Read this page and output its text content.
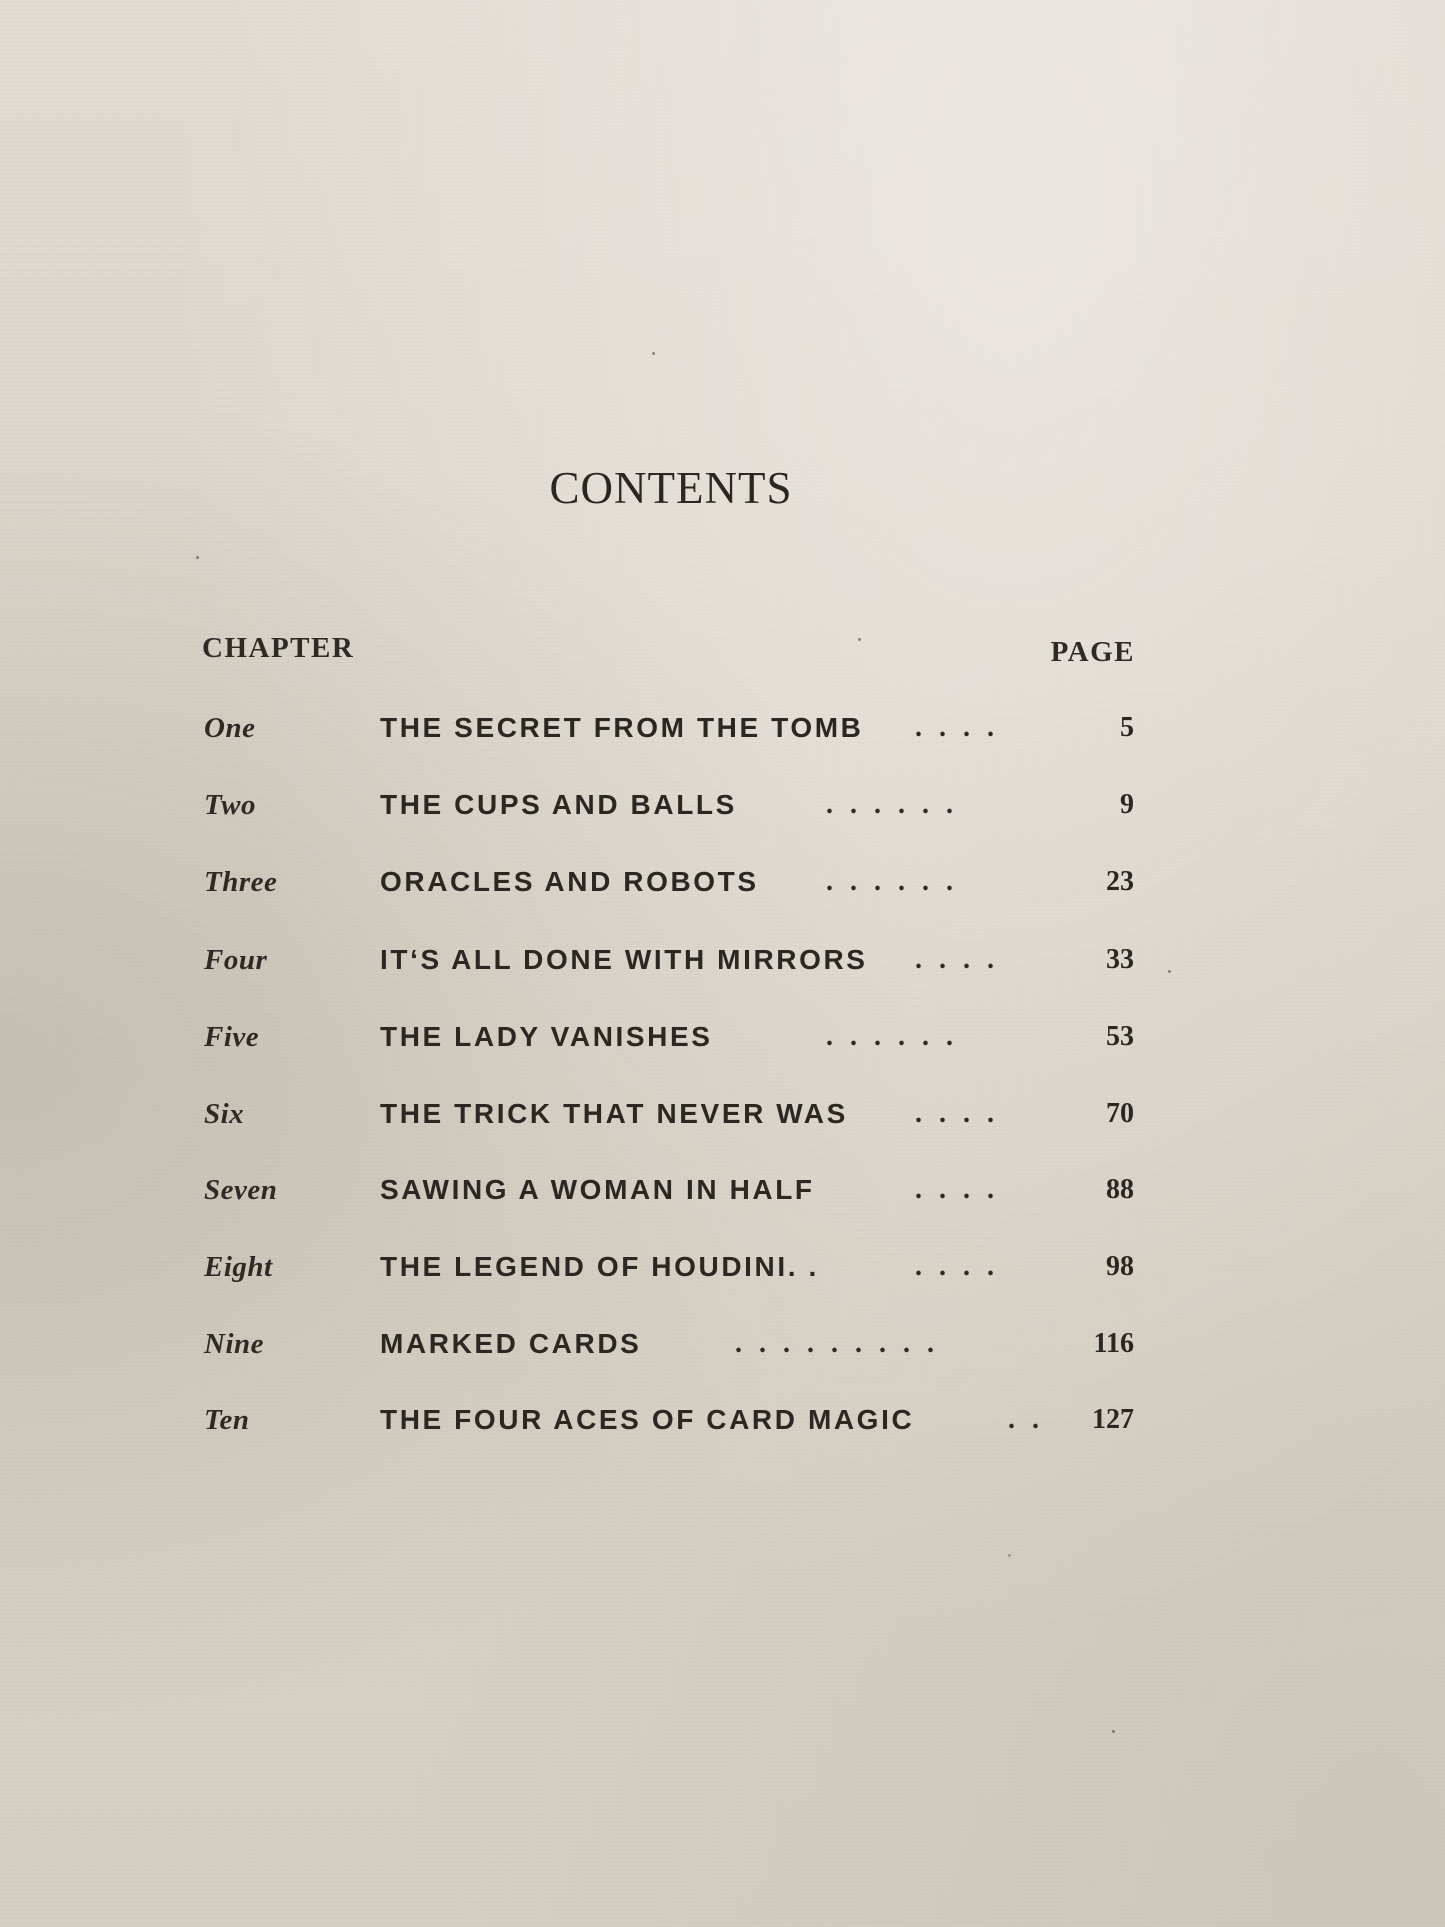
CONTENTS
CHAPTER	PAGE
One	THE SECRET FROM THE TOMB . . . .	5
Two	THE CUPS AND BALLS	. . . . . .	9
Three	ORACLES AND ROBOTS . . . . . .	23
Four	IT‘S ALL DONE WITH MIRRORS . . . .	33
Five	THE LADY VANISHES	. . . . . .	53
Six	THE TRICK THAT NEVER WAS . . . .	70
Seven	SAWING A WOMAN IN HALF	. . . .	88
Eight	THE LEGEND OF HOUDINI. .	. . . .	98
Nine	MARKED CARDS	. . . . . . . . .	116
Ten	THE FOUR ACES OF CARD MAGIC	. . 127
